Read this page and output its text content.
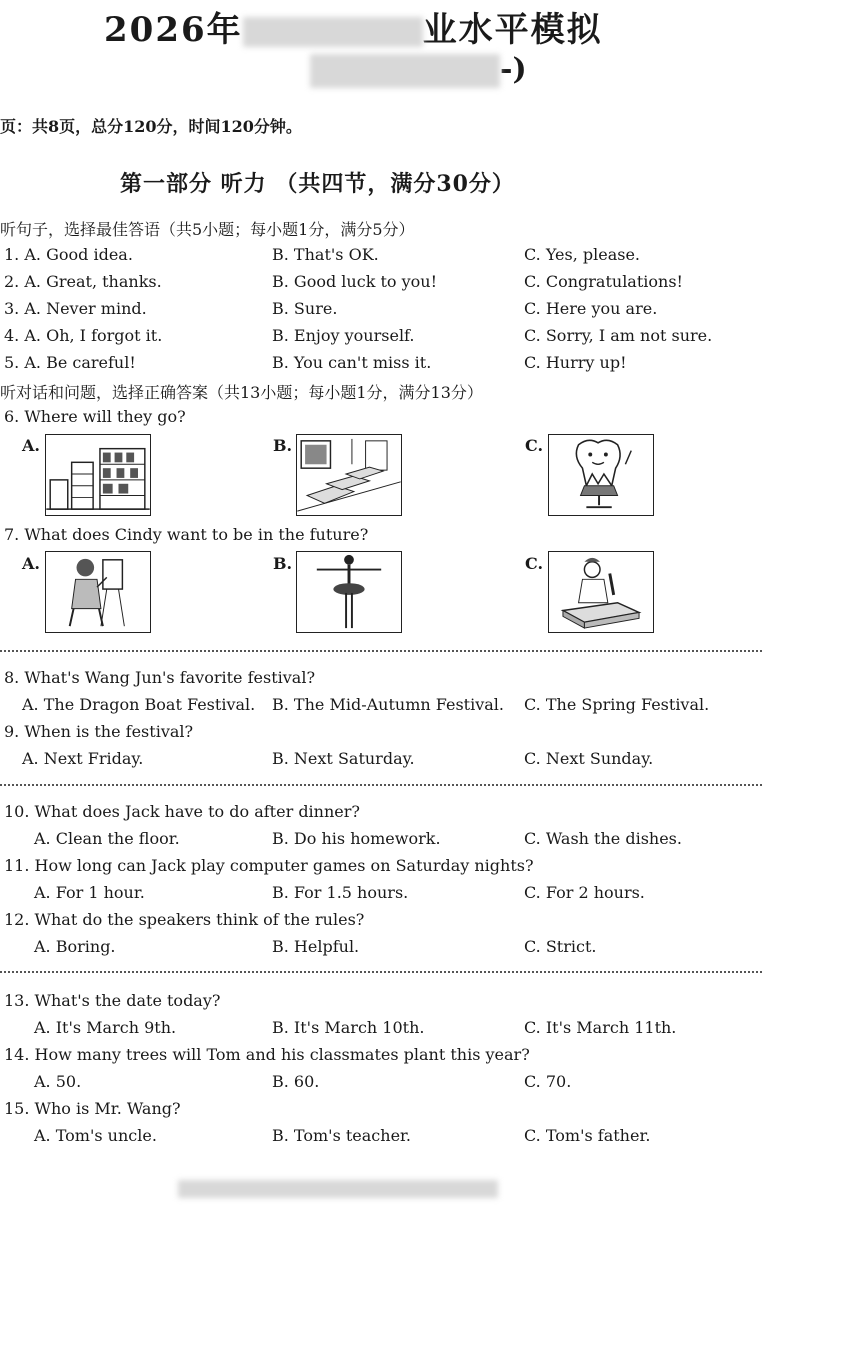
2026年	业水平模拟
-)
页：共8页，总分120分，时间120分钟。
第一部分 听力 （共四节，满分30分）
听句子，选择最佳答语（共5小题；每小题1分，满分5分）
1. A. Good idea.	B. That's OK.	C. Yes, please.
2. A. Great, thanks.	B. Good luck to you!	C. Congratulations!
3. A. Never mind.	B. Sure.	C. Here you are.
4. A. Oh, I forgot it.	B. Enjoy yourself.	C. Sorry, I am not sure.
5. A. Be careful!	B. You can't miss it.	C. Hurry up!
听对话和问题，选择正确答案（共13小题；每小题1分，满分13分）
6. Where will they go?
A.	B.	C.
7. What does Cindy want to be in the future?
A.	B.	C.
8. What's Wang Jun's favorite festival?
A. The Dragon Boat Festival. B. The Mid-Autumn Festival. C. The Spring Festival.
9. When is the festival?
A. Next Friday.	B. Next Saturday.	C. Next Sunday.
10. What does Jack have to do after dinner?
A. Clean the floor.	B. Do his homework.	C. Wash the dishes.
11. How long can Jack play computer games on Saturday nights?
A. For 1 hour.	B. For 1.5 hours.	C. For 2 hours.
12. What do the speakers think of the rules?
A. Boring.	B. Helpful.	C. Strict.
13. What's the date today?
A. It's March 9th.	B. It's March 10th.	C. It's March 11th.
14. How many trees will Tom and his classmates plant this year?
A. 50.	B. 60.	C. 70.
15. Who is Mr. Wang?
A. Tom's uncle.	B. Tom's teacher.	C. Tom's father.
